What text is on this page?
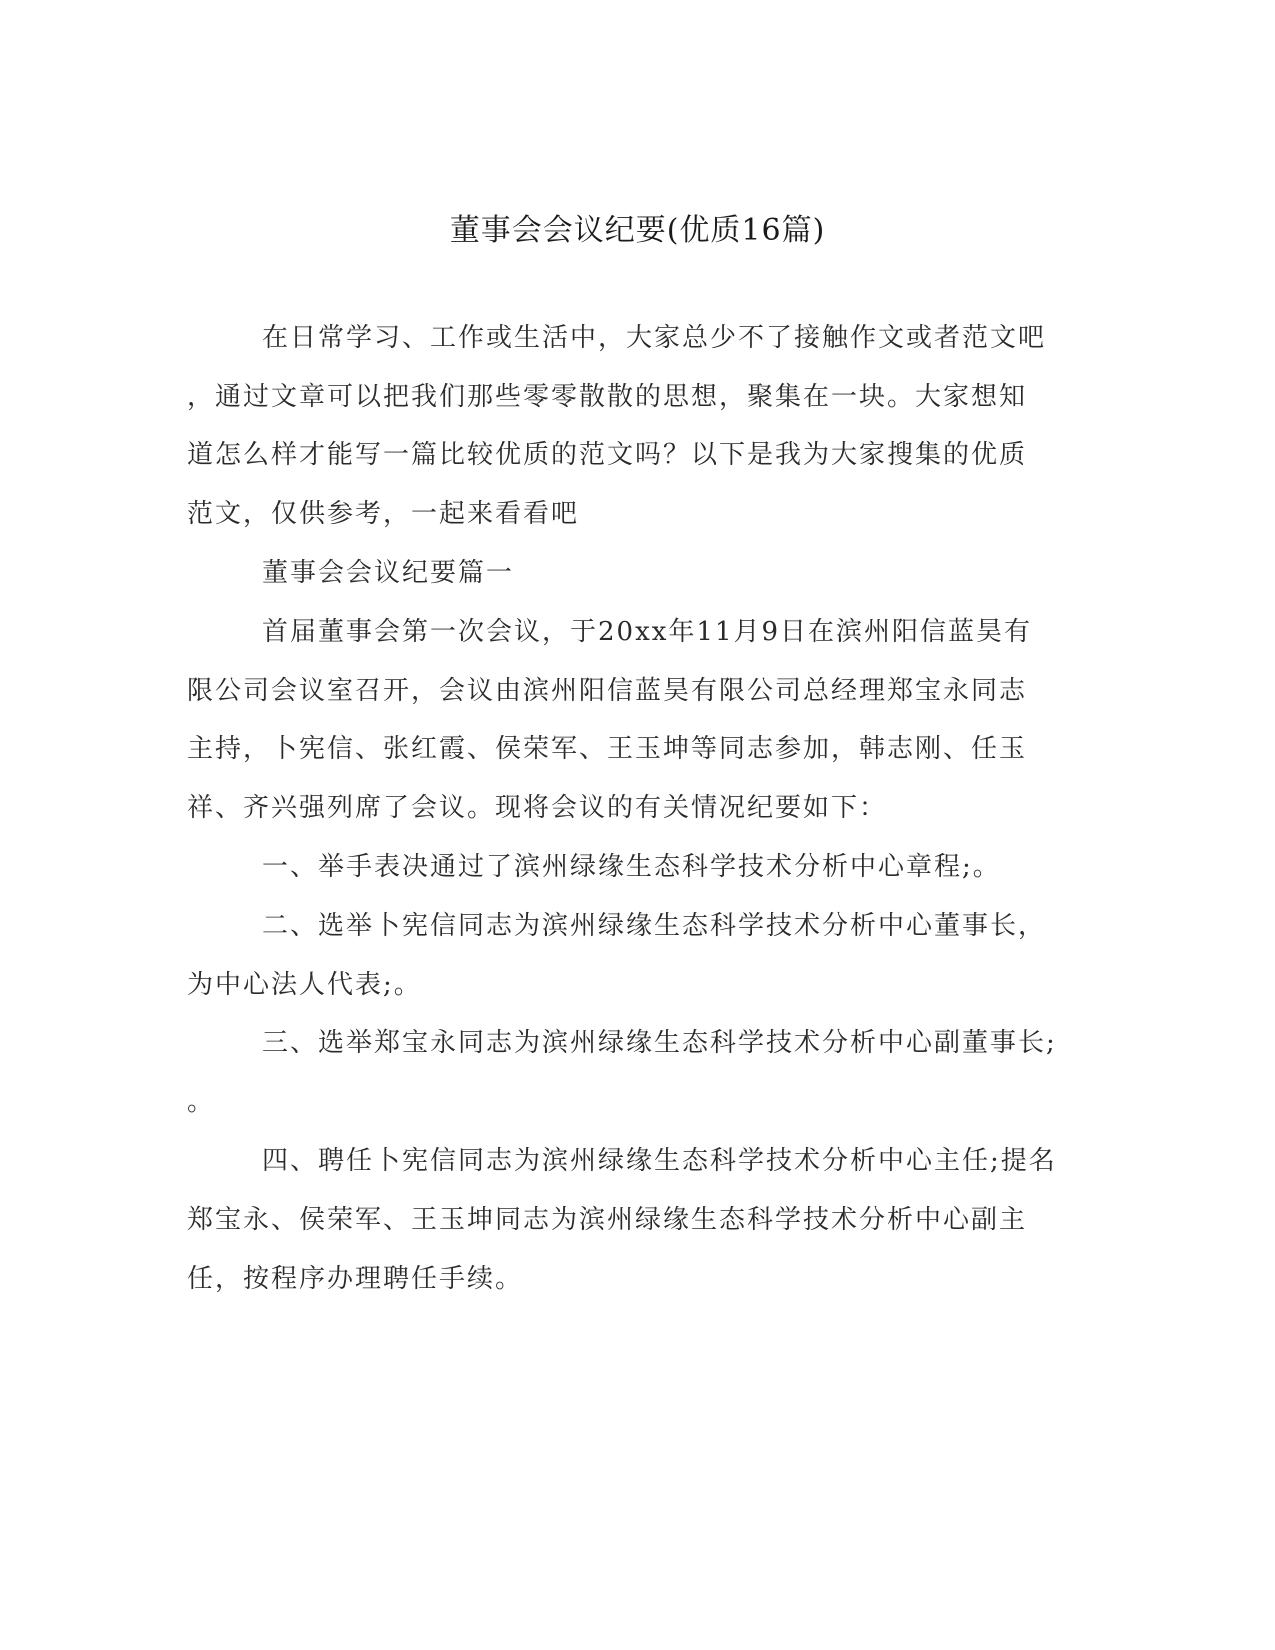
董事会会议纪要(优质16篇)
在日常学习、工作或生活中，大家总少不了接触作文或者范文吧
，通过文章可以把我们那些零零散散的思想，聚集在一块。大家想知
道怎么样才能写一篇比较优质的范文吗？以下是我为大家搜集的优质
范文，仅供参考，一起来看看吧
董事会会议纪要篇一
首届董事会第一次会议，于20xx年11月9日在滨州阳信蓝昊有
限公司会议室召开，会议由滨州阳信蓝昊有限公司总经理郑宝永同志
主持，卜宪信、张红霞、侯荣军、王玉坤等同志参加，韩志刚、任玉
祥、齐兴强列席了会议。现将会议的有关情况纪要如下：
一、举手表决通过了滨州绿缘生态科学技术分析中心章程;。
二、选举卜宪信同志为滨州绿缘生态科学技术分析中心董事长，
为中心法人代表;。
三、选举郑宝永同志为滨州绿缘生态科学技术分析中心副董事长;
。
四、聘任卜宪信同志为滨州绿缘生态科学技术分析中心主任;提名
郑宝永、侯荣军、王玉坤同志为滨州绿缘生态科学技术分析中心副主
任，按程序办理聘任手续。
